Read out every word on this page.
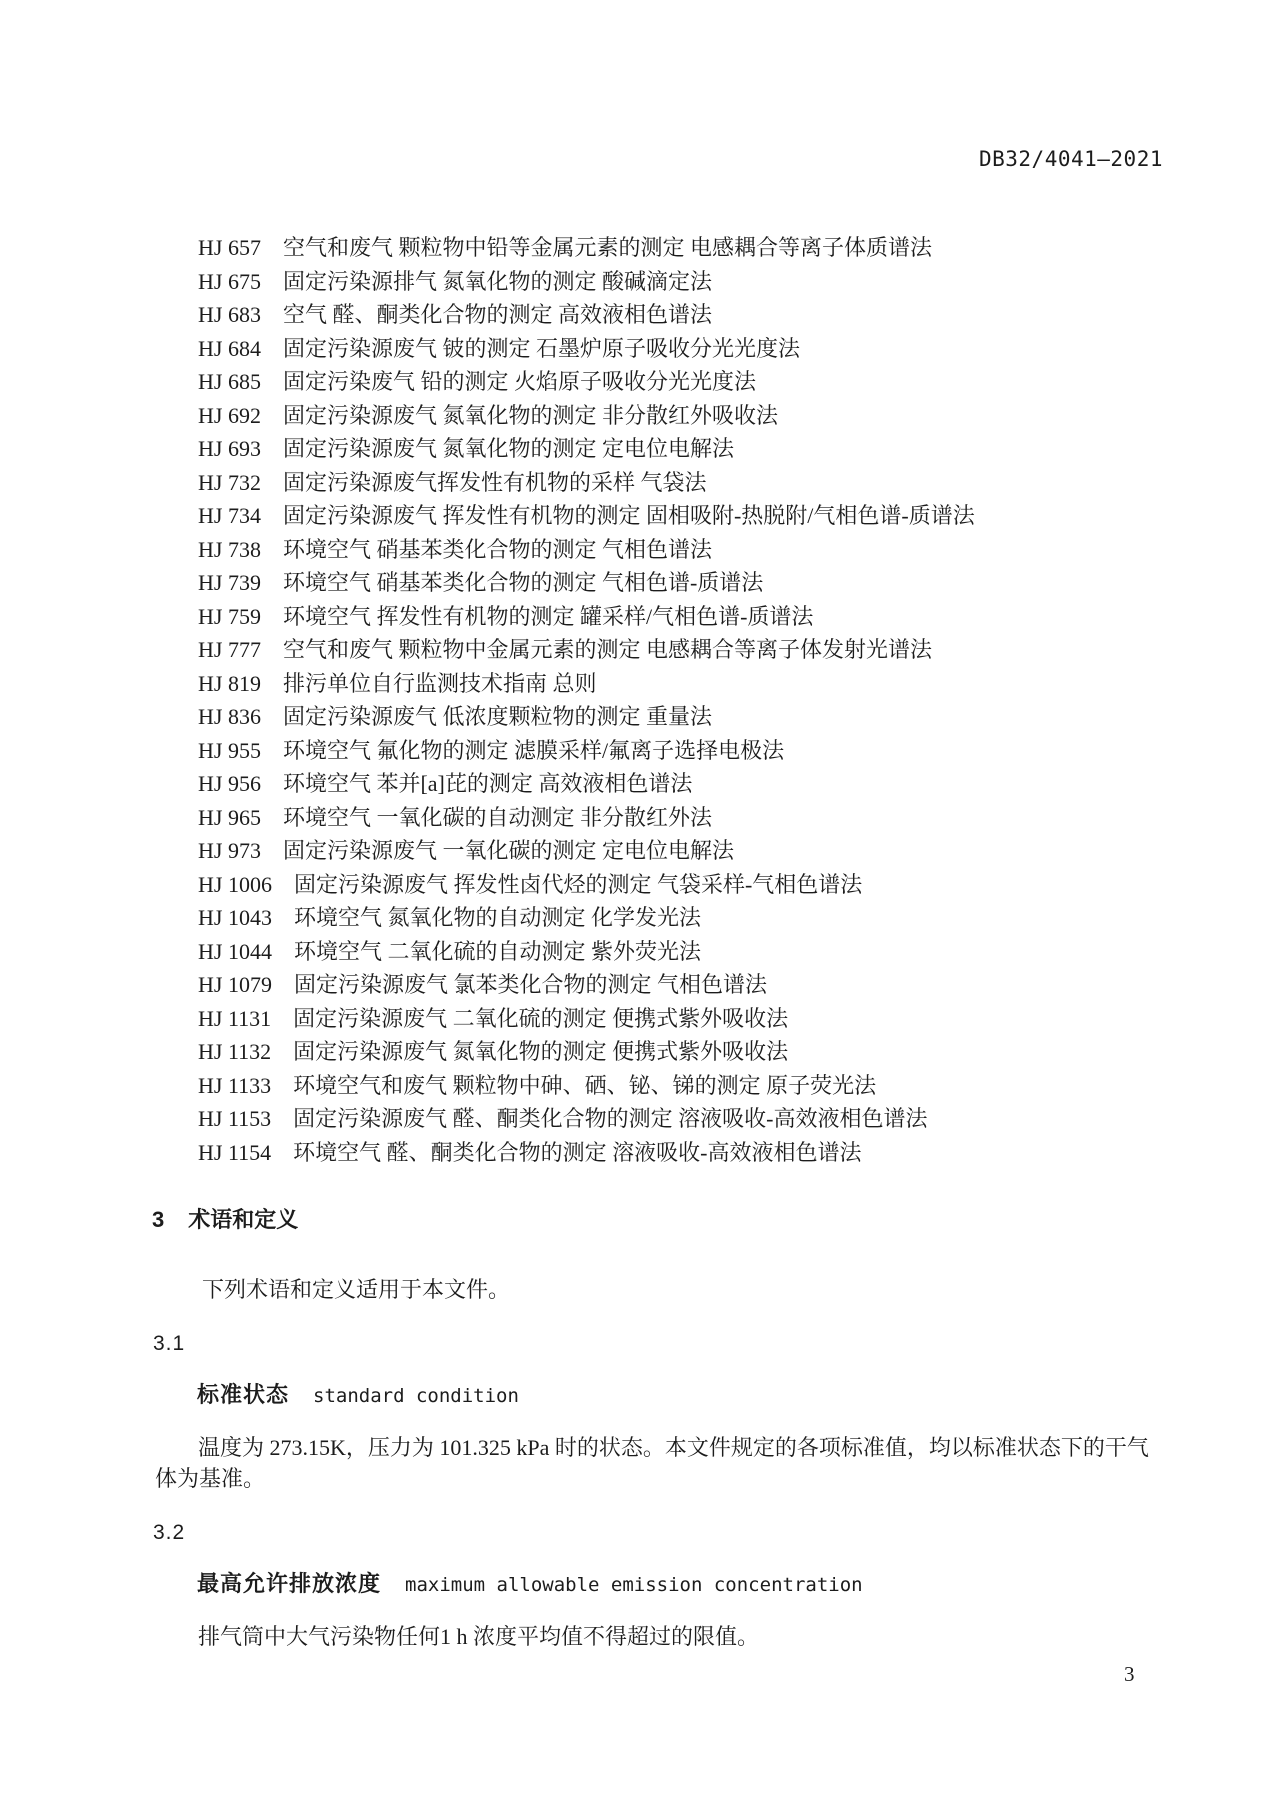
DB32/4041—2021
HJ 657 空气和废气 颗粒物中铅等金属元素的测定 电感耦合等离子体质谱法
HJ 675 固定污染源排气 氮氧化物的测定 酸碱滴定法
HJ 683 空气 醛、酮类化合物的测定 高效液相色谱法
HJ 684 固定污染源废气 铍的测定 石墨炉原子吸收分光光度法
HJ 685 固定污染废气 铅的测定 火焰原子吸收分光光度法
HJ 692 固定污染源废气 氮氧化物的测定 非分散红外吸收法
HJ 693 固定污染源废气 氮氧化物的测定 定电位电解法
HJ 732 固定污染源废气挥发性有机物的采样 气袋法
HJ 734 固定污染源废气 挥发性有机物的测定 固相吸附-热脱附/气相色谱-质谱法
HJ 738 环境空气 硝基苯类化合物的测定 气相色谱法
HJ 739 环境空气 硝基苯类化合物的测定 气相色谱-质谱法
HJ 759 环境空气 挥发性有机物的测定 罐采样/气相色谱-质谱法
HJ 777 空气和废气 颗粒物中金属元素的测定 电感耦合等离子体发射光谱法
HJ 819 排污单位自行监测技术指南 总则
HJ 836 固定污染源废气 低浓度颗粒物的测定 重量法
HJ 955 环境空气 氟化物的测定 滤膜采样/氟离子选择电极法
HJ 956 环境空气 苯并[a]芘的测定 高效液相色谱法
HJ 965 环境空气 一氧化碳的自动测定 非分散红外法
HJ 973 固定污染源废气 一氧化碳的测定 定电位电解法
HJ 1006 固定污染源废气 挥发性卤代烃的测定 气袋采样-气相色谱法
HJ 1043 环境空气 氮氧化物的自动测定 化学发光法
HJ 1044 环境空气 二氧化硫的自动测定 紫外荧光法
HJ 1079 固定污染源废气 氯苯类化合物的测定 气相色谱法
HJ 1131 固定污染源废气 二氧化硫的测定 便携式紫外吸收法
HJ 1132 固定污染源废气 氮氧化物的测定 便携式紫外吸收法
HJ 1133 环境空气和废气 颗粒物中砷、硒、铋、锑的测定 原子荧光法
HJ 1153 固定污染源废气 醛、酮类化合物的测定 溶液吸收-高效液相色谱法
HJ 1154 环境空气 醛、酮类化合物的测定 溶液吸收-高效液相色谱法
3 术语和定义

下列术语和定义适用于本文件。

3.1
标准状态 standard condition

温度为 273.15K，压力为 101.325 kPa 时的状态。本文件规定的各项标准值，均以标准状态下的干气体为基准。

3.2
最高允许排放浓度 maximum allowable emission concentration

排气筒中大气污染物任何1 h 浓度平均值不得超过的限值。

3
